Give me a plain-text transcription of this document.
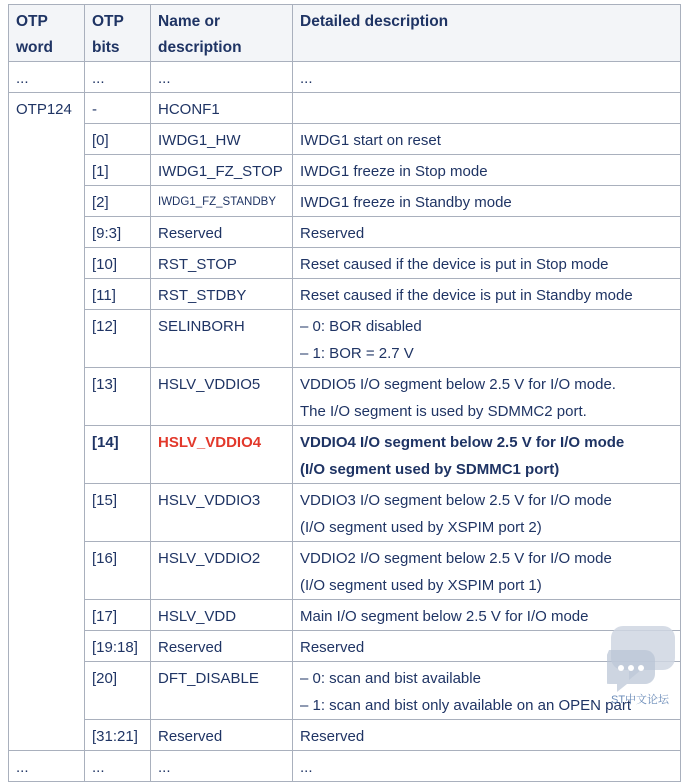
OTP word	OTP bits	Name or description	Detailed description
...	...	...	...
OTP124	-	HCONF1	
	[0]	IWDG1_HW	IWDG1 start on reset
	[1]	IWDG1_FZ_STOP	IWDG1 freeze in Stop mode
	[2]	IWDG1_FZ_STANDBY	IWDG1 freeze in Standby mode
	[9:3]	Reserved	Reserved
	[10]	RST_STOP	Reset caused if the device is put in Stop mode
	[11]	RST_STDBY	Reset caused if the device is put in Standby mode
	[12]	SELINBORH	– 0: BOR disabled
– 1: BOR = 2.7 V

	[13]	HSLV_VDDIO5	VDDIO5 I/O segment below 2.5 V for I/O mode.
The I/O segment is used by SDMMC2 port.

	[14]	HSLV_VDDIO4	VDDIO4 I/O segment below 2.5 V for I/O mode
(I/O segment used by SDMMC1 port)

	[15]	HSLV_VDDIO3	VDDIO3 I/O segment below 2.5 V for I/O mode
(I/O segment used by XSPIM port 2)

	[16]	HSLV_VDDIO2	VDDIO2 I/O segment below 2.5 V for I/O mode
(I/O segment used by XSPIM port 1)

	[17]	HSLV_VDD	Main I/O segment below 2.5 V for I/O mode
	[19:18]	Reserved	Reserved
	[20]	DFT_DISABLE	– 0: scan and bist available
– 1: scan and bist only available on an OPEN part

	[31:21]	Reserved	Reserved
...	...	...	...
ST中文论坛
